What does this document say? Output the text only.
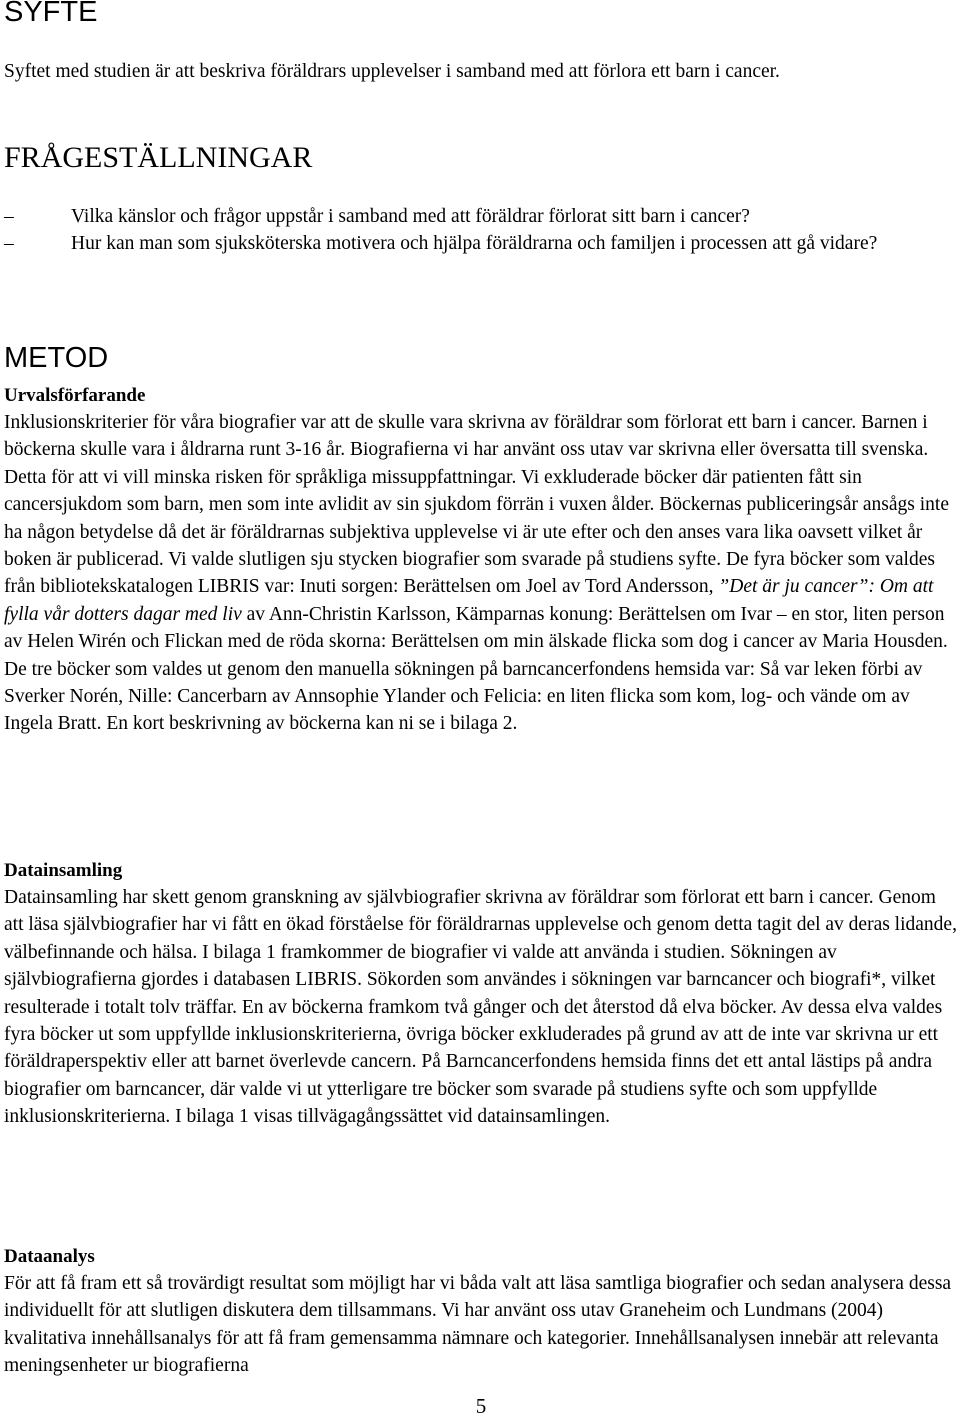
SYFTE

Syftet med studien är att beskriva föräldrars upplevelser i samband med att förlora ett barn i cancer.

FRÅGESTÄLLNINGAR
–	Vilka känslor och frågor uppstår i samband med att föräldrar förlorat sitt barn i cancer?
–	Hur kan man som sjuksköterska motivera och hjälpa föräldrarna och familjen i processen att gå vidare?
METOD
Urvalsförfarande

Inklusionskriterier för våra biografier var att de skulle vara skrivna av föräldrar som förlorat ett barn i cancer. Barnen i böckerna skulle vara i åldrarna runt 3-16 år. Biografierna vi har använt oss utav var skrivna eller översatta till svenska. Detta för att vi vill minska risken för språkliga missuppfattningar. Vi exkluderade böcker där patienten fått sin cancersjukdom som barn, men som inte avlidit av sin sjukdom förrän i vuxen ålder. Böckernas publiceringsår ansågs inte ha någon betydelse då det är föräldrarnas subjektiva upplevelse vi är ute efter och den anses vara lika oavsett vilket år boken är publicerad. Vi valde slutligen sju stycken biografier som svarade på studiens syfte. De fyra böcker som valdes från bibliotekskatalogen LIBRIS var: Inuti sorgen: Berättelsen om Joel av Tord Andersson, ”Det är ju cancer”: Om att fylla vår dotters dagar med liv av Ann-Christin Karlsson, Kämparnas konung: Berättelsen om Ivar – en stor, liten person av Helen Wirén och Flickan med de röda skorna: Berättelsen om min älskade flicka som dog i cancer av Maria Housden. De tre böcker som valdes ut genom den manuella sökningen på barncancerfondens hemsida var: Så var leken förbi av Sverker Norén, Nille: Cancerbarn av Annsophie Ylander och Felicia: en liten flicka som kom, log- och vände om av Ingela Bratt. En kort beskrivning av böckerna kan ni se i bilaga 2.

Datainsamling

Datainsamling har skett genom granskning av självbiografier skrivna av föräldrar som förlorat ett barn i cancer. Genom att läsa självbiografier har vi fått en ökad förståelse för föräldrarnas upplevelse och genom detta tagit del av deras lidande, välbefinnande och hälsa. I bilaga 1 framkommer de biografier vi valde att använda i studien. Sökningen av självbiografierna gjordes i databasen LIBRIS. Sökorden som användes i sökningen var barncancer och biografi*, vilket resulterade i totalt tolv träffar. En av böckerna framkom två gånger och det återstod då elva böcker. Av dessa elva valdes fyra böcker ut som uppfyllde inklusionskriterierna, övriga böcker exkluderades på grund av att de inte var skrivna ur ett föräldraperspektiv eller att barnet överlevde cancern. På Barncancerfondens hemsida finns det ett antal lästips på andra biografier om barncancer, där valde vi ut ytterligare tre böcker som svarade på studiens syfte och som uppfyllde inklusionskriterierna. I bilaga 1 visas tillvägagångssättet vid datainsamlingen.

Dataanalys

För att få fram ett så trovärdigt resultat som möjligt har vi båda valt att läsa samtliga biografier och sedan analysera dessa individuellt för att slutligen diskutera dem tillsammans. Vi har använt oss utav Graneheim och Lundmans (2004) kvalitativa innehållsanalys för att få fram gemensamma nämnare och kategorier. Innehållsanalysen innebär att relevanta meningsenheter ur biografierna

5
